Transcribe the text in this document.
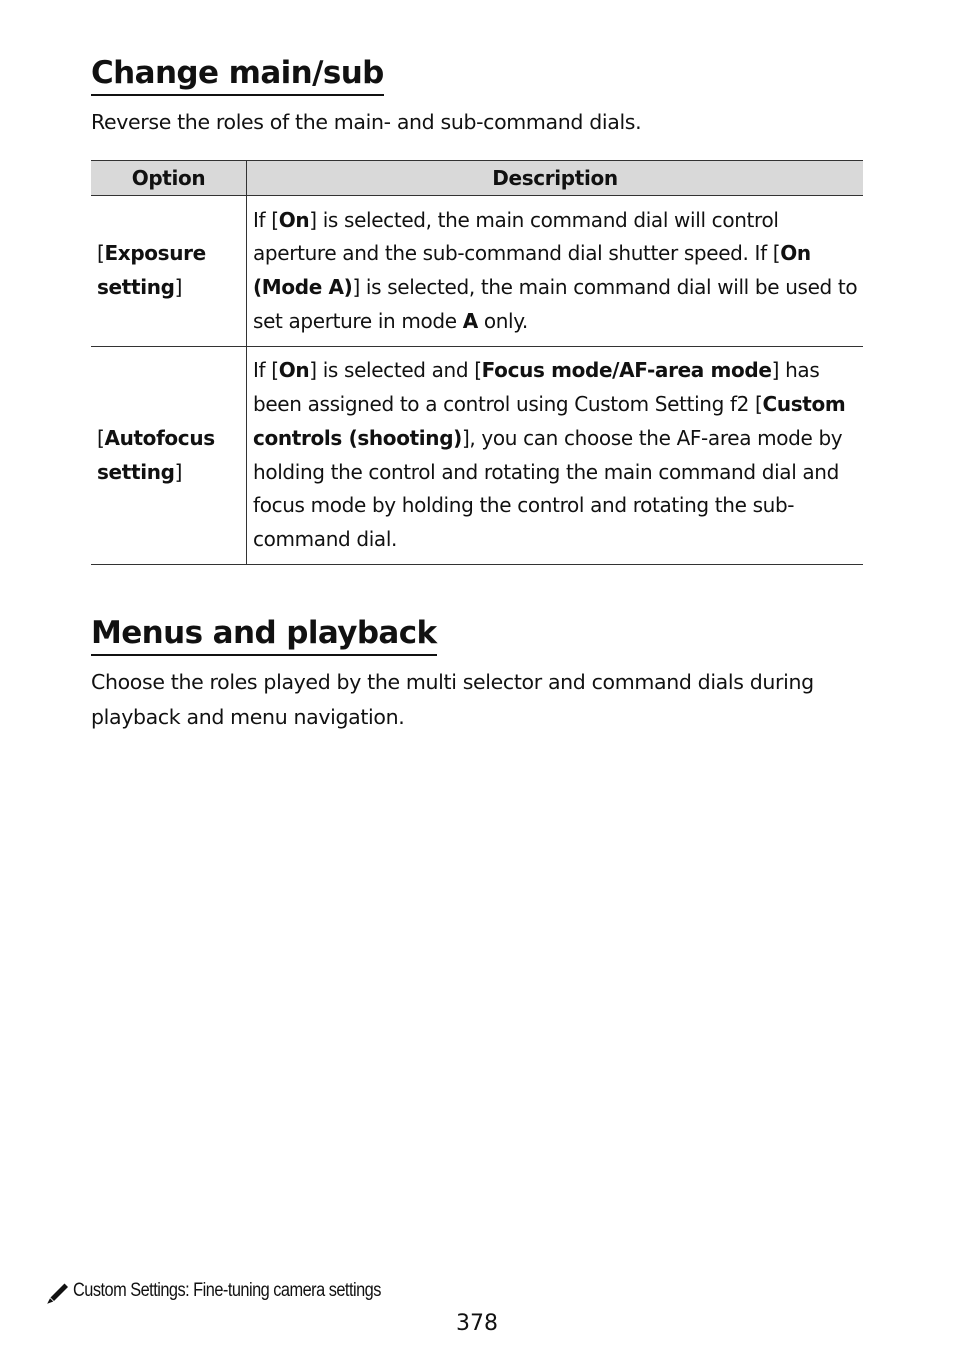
Change main/sub

Reverse the roles of the main- and sub-command dials.

Option	Description
[Exposure setting]	If [On] is selected, the main command dial will control aperture and the sub-command dial shutter speed. If [On (Mode A)] is selected, the main command dial will be used to set aperture in mode A only.
[Autofocus setting]	If [On] is selected and [Focus mode/AF-area mode] has been assigned to a control using Custom Setting f2 [Custom controls (shooting)], you can choose the AF-area mode by holding the control and rotating the main command dial and focus mode by holding the control and rotating the sub-command dial.
Menus and playback

Choose the roles played by the multi selector and command dials during playback and menu navigation.

Custom Settings: Fine-tuning camera settings
378
